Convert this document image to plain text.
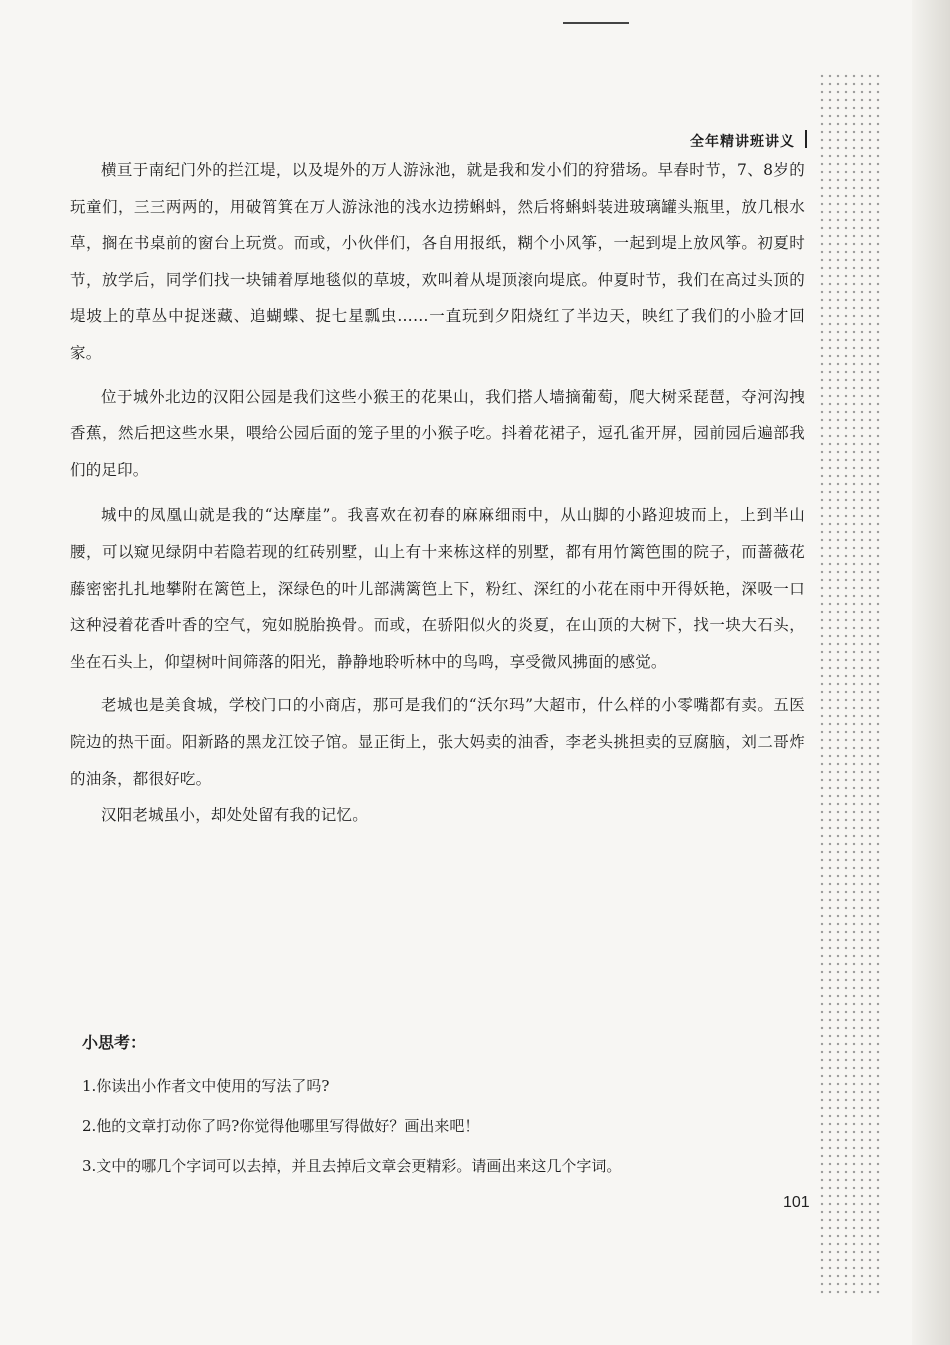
全年精讲班讲义

横亘于南纪门外的拦江堤，以及堤外的万人游泳池，就是我和发小们的狩猎场。早春时节，7、8岁的玩童们，三三两两的，用破筲箕在万人游泳池的浅水边捞蝌蚪，然后将蝌蚪装进玻璃罐头瓶里，放几根水草，搁在书桌前的窗台上玩赏。而或，小伙伴们，各自用报纸，糊个小风筝，一起到堤上放风筝。初夏时节，放学后，同学们找一块铺着厚地毯似的草坡，欢叫着从堤顶滚向堤底。仲夏时节，我们在高过头顶的堤坡上的草丛中捉迷藏、追蝴蝶、捉七星瓢虫……一直玩到夕阳烧红了半边天，映红了我们的小脸才回家。

位于城外北边的汉阳公园是我们这些小猴王的花果山，我们搭人墙摘葡萄，爬大树采琵琶，夺河沟拽香蕉，然后把这些水果，喂给公园后面的笼子里的小猴子吃。抖着花裙子，逗孔雀开屏，园前园后遍部我们的足印。

城中的凤凰山就是我的“达摩崖”。我喜欢在初春的麻麻细雨中，从山脚的小路迎坡而上，上到半山腰，可以窥见绿阴中若隐若现的红砖别墅，山上有十来栋这样的别墅，都有用竹篱笆围的院子，而蔷薇花藤密密扎扎地攀附在篱笆上，深绿色的叶儿部满篱笆上下，粉红、深红的小花在雨中开得妖艳，深吸一口这种浸着花香叶香的空气，宛如脱胎换骨。而或，在骄阳似火的炎夏，在山顶的大树下，找一块大石头，坐在石头上，仰望树叶间筛落的阳光，静静地聆听林中的鸟鸣，享受微风拂面的感觉。

老城也是美食城，学校门口的小商店，那可是我们的“沃尔玛”大超市，什么样的小零嘴都有卖。五医院边的热干面。阳新路的黑龙江饺子馆。显正街上，张大妈卖的油香，李老头挑担卖的豆腐脑，刘二哥炸的油条，都很好吃。

汉阳老城虽小，却处处留有我的记忆。

小思考：

1.你读出小作者文中使用的写法了吗?
2.他的文章打动你了吗?你觉得他哪里写得做好？画出来吧！
3.文中的哪几个字词可以去掉，并且去掉后文章会更精彩。请画出来这几个字词。
101
